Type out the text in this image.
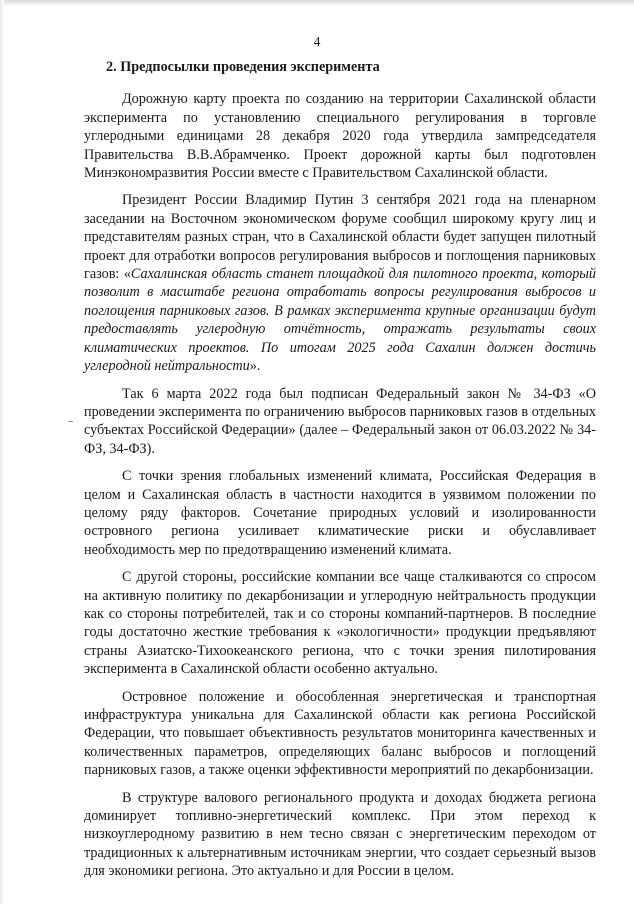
4
2. Предпосылки проведения эксперимента

Дорожную карту проекта по созданию на территории Сахалинской области эксперимента по установлению специального регулирования в торговле углеродными единицами 28 декабря 2020 года утвердила зампредседателя Правительства В.В.Абрамченко. Проект дорожной карты был подготовлен Минэкономразвития России вместе с Правительством Сахалинской области.

Президент России Владимир Путин 3 сентября 2021 года на пленарном заседании на Восточном экономическом форуме сообщил широкому кругу лиц и представителям разных стран, что в Сахалинской области будет запущен пилотный проект для отработки вопросов регулирования выбросов и поглощения парниковых газов: «Сахалинская область станет площадкой для пилотного проекта, который позволит в масштабе региона отработать вопросы регулирования выбросов и поглощения парниковых газов. В рамках эксперимента крупные организации будут предоставлять углеродную отчётность, отражать результаты своих климатических проектов. По итогам 2025 года Сахалин должен достичь углеродной нейтральности».

Так 6 марта 2022 года был подписан Федеральный закон № 34-ФЗ «О проведении эксперимента по ограничению выбросов парниковых газов в отдельных субъектах Российской Федерации» (далее – Федеральный закон от 06.03.2022 № 34-ФЗ, 34-ФЗ).

С точки зрения глобальных изменений климата, Российская Федерация в целом и Сахалинская область в частности находится в уязвимом положении по целому ряду факторов. Сочетание природных условий и изолированности островного региона усиливает климатические риски и обуславливает необходимость мер по предотвращению изменений климата.

С другой стороны, российские компании все чаще сталкиваются со спросом на активную политику по декарбонизации и углеродную нейтральность продукции как со стороны потребителей, так и со стороны компаний-партнеров. В последние годы достаточно жесткие требования к «экологичности» продукции предъявляют страны Азиатско-Тихоокеанского региона, что с точки зрения пилотирования эксперимента в Сахалинской области особенно актуально.

Островное положение и обособленная энергетическая и транспортная инфраструктура уникальна для Сахалинской области как региона Российской Федерации, что повышает объективность результатов мониторинга качественных и количественных параметров, определяющих баланс выбросов и поглощений парниковых газов, а также оценки эффективности мероприятий по декарбонизации.

В структуре валового регионального продукта и доходах бюджета региона доминирует топливно-энергетический комплекс. При этом переход к низкоуглеродному развитию в нем тесно связан с энергетическим переходом от традиционных к альтернативным источникам энергии, что создает серьезный вызов для экономики региона. Это актуально и для России в целом.
